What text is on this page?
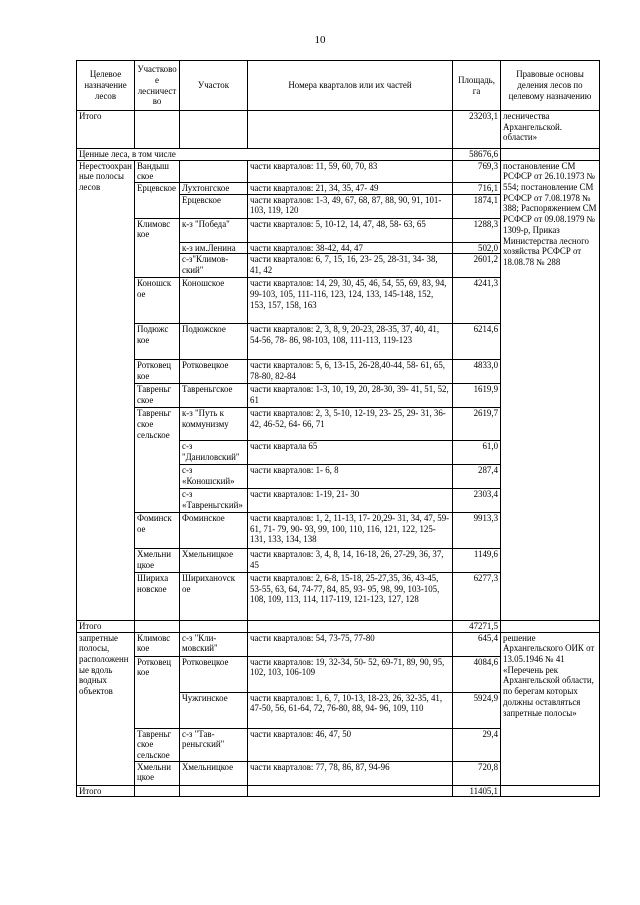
10
Целевое назначение лесов	Участковое лесничество	Участок	Номера кварталов или их частей	Площадь, га	Правовые основы деления лесов по целевому назначению
Итого				23203,1	лесничества Архангельской. области»
Ценные леса, в том числе				58676,6	
Нерестоохранные полосы лесов	Вандыш ское		части кварталов: 11, 59, 60, 70, 83	769,3	постановление СМ РСФСР от 26.10.1973 № 554; постановление СМ РСФСР от 7.08.1978 № 388; Распоряжением СМ РСФСР от 09.08.1979 № 1309-р, Приказ Министерства лесного хозяйства РСФСР от 18.08.78 № 288
	Ерцевское	Лухтонгское	части кварталов: 21, 34, 35, 47- 49	716,1	
		Ерцевское	части кварталов: 1-3, 49, 67, 68, 87, 88, 90, 91, 101-103, 119, 120	1874,1	
	Климовс кое	к-з "Победа"	части кварталов: 5, 10-12, 14, 47, 48, 58- 63, 65	1288,3	
		к-з им.Ленина	части кварталов: 38-42, 44, 47	502,0	
		с-з"Климов- ский"	части кварталов: 6, 7, 15, 16, 23- 25, 28-31, 34- 38, 41, 42	2601,2	
	Коношск ое	Коношское	части кварталов: 14, 29, 30, 45, 46, 54, 55, 69, 83, 94, 99-103, 105, 111-116, 123, 124, 133, 145-148, 152, 153, 157, 158, 163	4241,3	
	Подюжс кое	Подюжское	части кварталов: 2, 3, 8, 9, 20-23, 28-35, 37, 40, 41, 54-56, 78- 86, 98-103, 108, 111-113, 119-123	6214,6	
	Ротковец кое	Ротковецкое	части кварталов: 5, 6, 13-15, 26-28,40-44, 58- 61, 65, 78-80, 82-84	4833,0	
	Тавреньг ское	Тавреньгское	части кварталов: 1-3, 10, 19, 20, 28-30, 39- 41, 51, 52, 61	1619,9	
	Тавреньг ское сельское	к-з "Путь к коммунизму	части кварталов: 2, 3, 5-10, 12-19, 23- 25, 29- 31, 36-42, 46-52, 64- 66, 71	2619,7	
		с-з "Даниловский"	части квартала 65	61,0	
		с-з «Коношский»	части кварталов: 1- 6, 8	287,4	
		с-з «Тавреньгский»	части кварталов: 1-19, 21- 30	2303,4	
	Фоминск ое	Фоминское	части кварталов: 1, 2, 11-13, 17- 20,29- 31, 34, 47, 59- 61, 71- 79, 90- 93, 99, 100, 110, 116, 121, 122, 125-131, 133, 134, 138	9913,3	
	Хмельни цкое	Хмельницкое	части кварталов: 3, 4, 8, 14, 16-18, 26, 27-29, 36, 37, 45	1149,6	
	Шириха новское	Шириханovск ое	части кварталов: 2, 6-8, 15-18, 25-27,35, 36, 43-45, 53-55, 63, 64, 74-77, 84, 85, 93- 95, 98, 99, 103-105, 108, 109, 113, 114, 117-119, 121-123, 127, 128	6277,3	
Итого				47271,5	
запретные полосы, расположенные вдоль водных объектов	Климовс кое	с-з "Кли- мовский"	части кварталов: 54, 73-75, 77-80	645,4	решение Архангельского ОИК от 13.05.1946 № 41 «Перечень рек Архангельской области, по берегам которых должны оставляться запретные полосы»
	Ротковец кое	Ротковецкое	части кварталов: 19, 32-34, 50- 52, 69-71, 89, 90, 95, 102, 103, 106-109	4084,6	
		Чужгинское	части кварталов: 1, 6, 7, 10-13, 18-23, 26, 32-35, 41, 47-50, 56, 61-64, 72, 76-80, 88, 94- 96, 109, 110	5924,9	
	Тавреньг ское сельское	с-з "Тав- реньгский"	части кварталов: 46, 47, 50	29,4	
	Хмельни цкое	Хмельницкое	части кварталов: 77, 78, 86, 87, 94-96	720,8	
Итого				11405,1	
